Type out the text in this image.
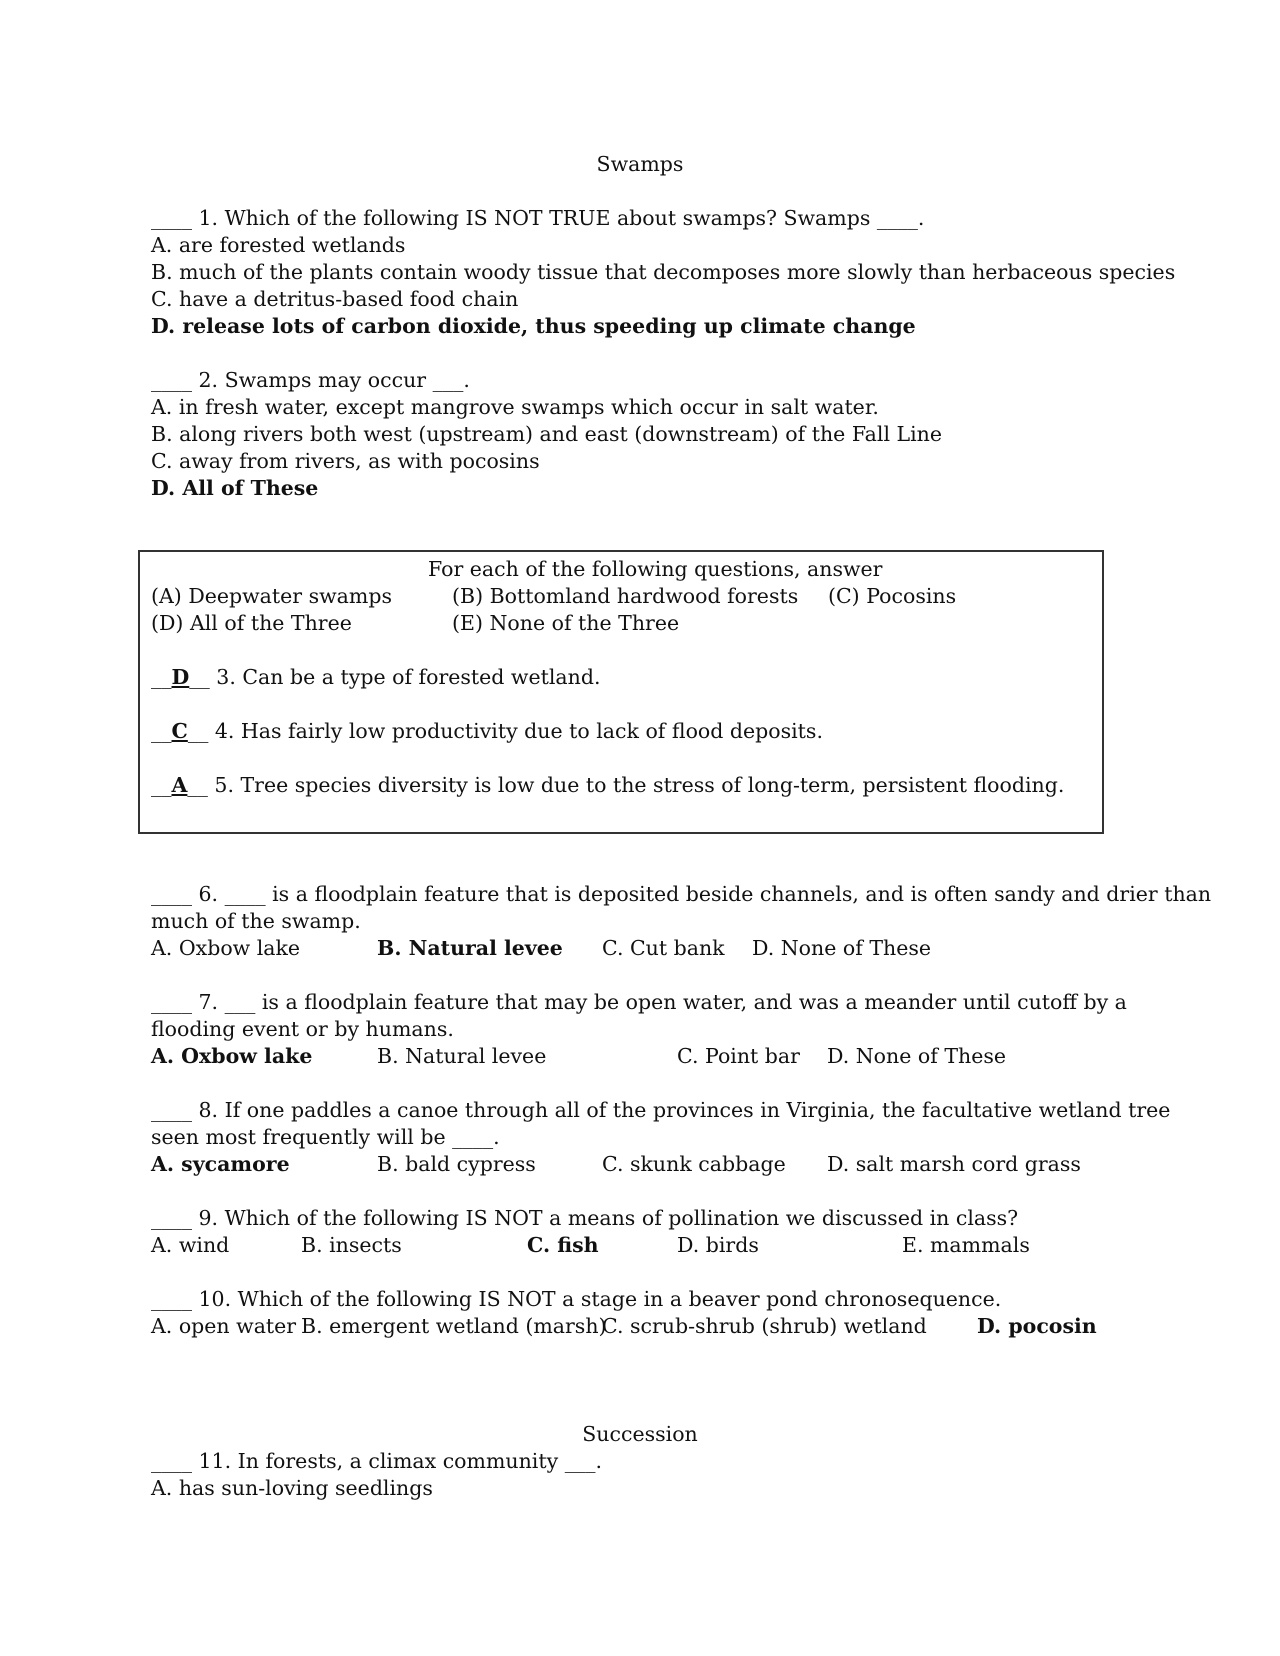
Swamps
____ 1. Which of the following IS NOT TRUE about swamps? Swamps ____.
A. are forested wetlands
B. much of the plants contain woody tissue that decomposes more slowly than herbaceous species
C. have a detritus-based food chain
D. release lots of carbon dioxide, thus speeding up climate change
____ 2. Swamps may occur ___.
A. in fresh water, except mangrove swamps which occur in salt water.
B. along rivers both west (upstream) and east (downstream) of the Fall Line
C. away from rivers, as with pocosins
D. All of These
For each of the following questions, answer
(A) Deepwater swamps	(B) Bottomland hardwood forests (C) Pocosins
(D) All of the Three	(E) None of the Three
__D__ 3. Can be a type of forested wetland.
__C__ 4. Has fairly low productivity due to lack of flood deposits.
__A__ 5. Tree species diversity is low due to the stress of long-term, persistent flooding.
____ 6. ____ is a floodplain feature that is deposited beside channels, and is often sandy and drier than
much of the swamp.
A. Oxbow lake	B. Natural levee C. Cut bank D. None of These
____ 7. ___ is a floodplain feature that may be open water, and was a meander until cutoff by a
flooding event or by humans.
A. Oxbow lake	B. Natural levee	C. Point bar D. None of These
____ 8. If one paddles a canoe through all of the provinces in Virginia, the facultative wetland tree
seen most frequently will be ____.
A. sycamore	B. bald cypress	C. skunk cabbage D. salt marsh cord grass
____ 9. Which of the following IS NOT a means of pollination we discussed in class?
A. wind	B. insects	C. fish	D. birds	E. mammals
____ 10. Which of the following IS NOT a stage in a beaver pond chronosequence.
A. open water B. emergent wetland (marsh)
C. scrub-shrub (shrub) wetland D. pocosin
Succession
____ 11. In forests, a climax community ___.
A. has sun-loving seedlings
